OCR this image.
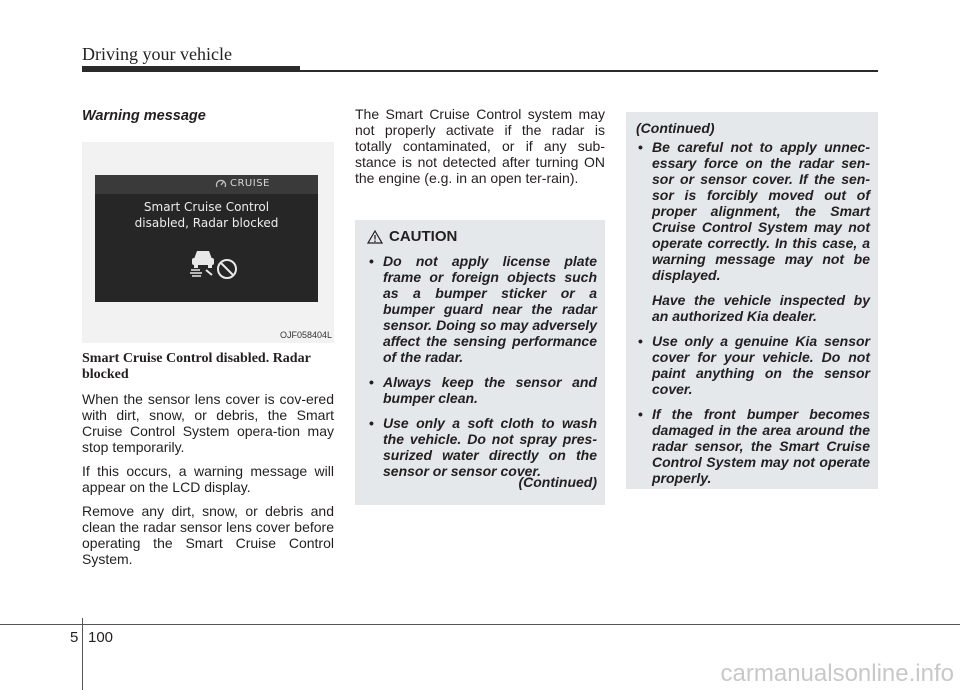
Driving your vehicle
Warning message
CRUISE
Smart Cruise Control
disabled, Radar blocked
OJF058404L
Smart Cruise Control disabled. Radar blocked

When the sensor lens cover is cov-ered with dirt, snow, or debris, the Smart Cruise Control System opera-tion may stop temporarily.

If this occurs, a warning message will appear on the LCD display.

Remove any dirt, snow, or debris and clean the radar sensor lens cover before operating the Smart Cruise Control System.

The Smart Cruise Control system may not properly activate if the radar is totally contaminated, or if any sub-stance is not detected after turning ON the engine (e.g. in an open ter-rain).

CAUTION
• Do not apply license plate frame or foreign objects such as a bumper sticker or a bumper guard near the radar sensor. Doing so may adversely affect the sensing performance of the radar.
• Always keep the sensor and bumper clean.
• Use only a soft cloth to wash the vehicle. Do not spray pres-surized water directly on the sensor or sensor cover.
(Continued)
(Continued)
• Be careful not to apply unnec-essary force on the radar sen-sor or sensor cover. If the sen-sor is forcibly moved out of proper alignment, the Smart Cruise Control System may not operate correctly. In this case, a warning message may not be displayed.
Have the vehicle inspected by an authorized Kia dealer.
• Use only a genuine Kia sensor cover for your vehicle. Do not paint anything on the sensor cover.
• If the front bumper becomes damaged in the area around the radar sensor, the Smart Cruise Control System may not operate properly.
5 100
carmanualsonline.info
